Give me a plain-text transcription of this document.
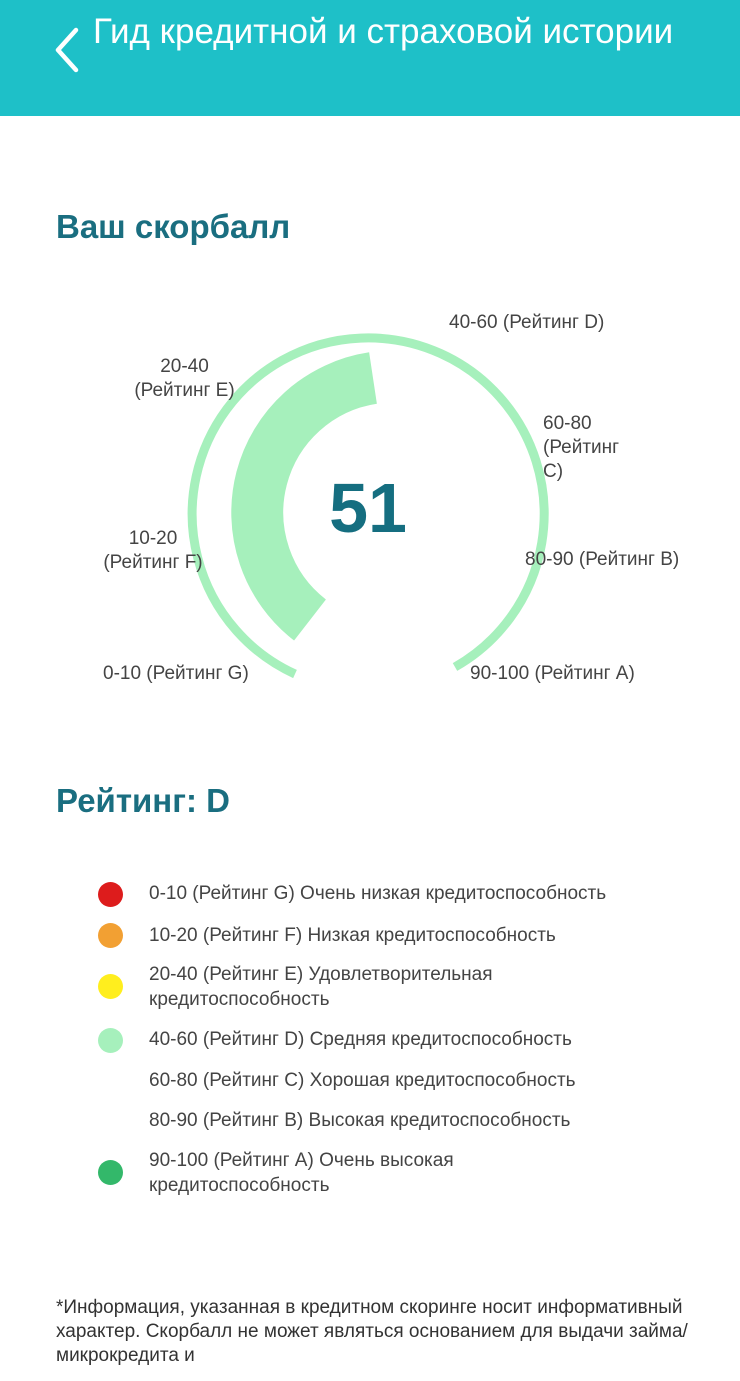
Гид кредитной и страховой истории
Ваш скорбалл
51
40-60 (Рейтинг D)
20-40 (Рейтинг E)
60-80 (Рейтинг C)
10-20 (Рейтинг F)	80-90 (Рейтинг B)
0-10 (Рейтинг G)	90-100 (Рейтинг A)
Рейтинг: D
0-10 (Рейтинг G) Очень низкая кредитоспособность
10-20 (Рейтинг F) Низкая кредитоспособность
20-40 (Рейтинг E) Удовлетворительная кредитоспособность
40-60 (Рейтинг D) Средняя кредитоспособность
60-80 (Рейтинг C) Хорошая кредитоспособность
80-90 (Рейтинг B) Высокая кредитоспособность
90-100 (Рейтинг A) Очень высокая кредитоспособность
*Информация, указанная в кредитном скоринге носит информативный характер. Скорбалл не может являться основанием для выдачи займа/микрокредита и
